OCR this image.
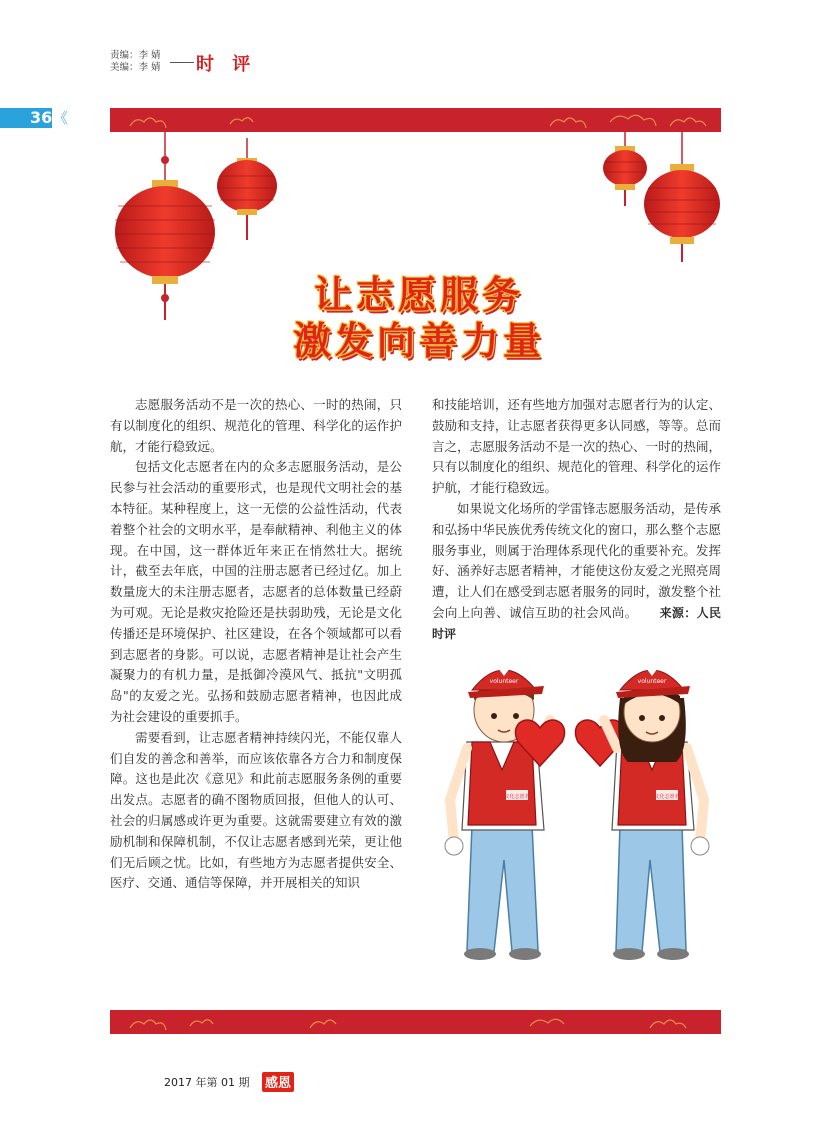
责编：李 婧
美编：李 婧 时 评
36 《
让志愿服务
激发向善力量

志愿服务活动不是一次的热心、一时的热闹，只有以制度化的组织、规范化的管理、科学化的运作护航，才能行稳致远。

包括文化志愿者在内的众多志愿服务活动，是公民参与社会活动的重要形式，也是现代文明社会的基本特征。某种程度上，这一无偿的公益性活动，代表着整个社会的文明水平，是奉献精神、利他主义的体现。在中国，这一群体近年来正在悄然壮大。据统计，截至去年底，中国的注册志愿者已经过亿。加上数量庞大的未注册志愿者，志愿者的总体数量已经蔚为可观。无论是救灾抢险还是扶弱助残，无论是文化传播还是环境保护、社区建设，在各个领域都可以看到志愿者的身影。可以说，志愿者精神是让社会产生凝聚力的有机力量，是抵御冷漠风气、抵抗"文明孤岛"的友爱之光。弘扬和鼓励志愿者精神，也因此成为社会建设的重要抓手。

需要看到，让志愿者精神持续闪光，不能仅靠人们自发的善念和善举，而应该依靠各方合力和制度保障。这也是此次《意见》和此前志愿服务条例的重要出发点。志愿者的确不图物质回报，但他人的认可、社会的归属感或许更为重要。这就需要建立有效的激励机制和保障机制，不仅让志愿者感到光荣，更让他们无后顾之忧。比如，有些地方为志愿者提供安全、医疗、交通、通信等保障，并开展相关的知识

和技能培训，还有些地方加强对志愿者行为的认定、鼓励和支持，让志愿者获得更多认同感，等等。总而言之，志愿服务活动不是一次的热心、一时的热闹，只有以制度化的组织、规范化的管理、科学化的运作护航，才能行稳致远。

如果说文化场所的学雷锋志愿服务活动，是传承和弘扬中华民族优秀传统文化的窗口，那么整个志愿服务事业，则属于治理体系现代化的重要补充。发挥好、涵养好志愿者精神，才能使这份友爱之光照亮周遭，让人们在感受到志愿者服务的同时，激发整个社会向上向善、诚信互助的社会风尚。 来源：人民时评

文化志愿者
volunteer
文化志愿者
volunteer
2017 年第 01 期 感恩
